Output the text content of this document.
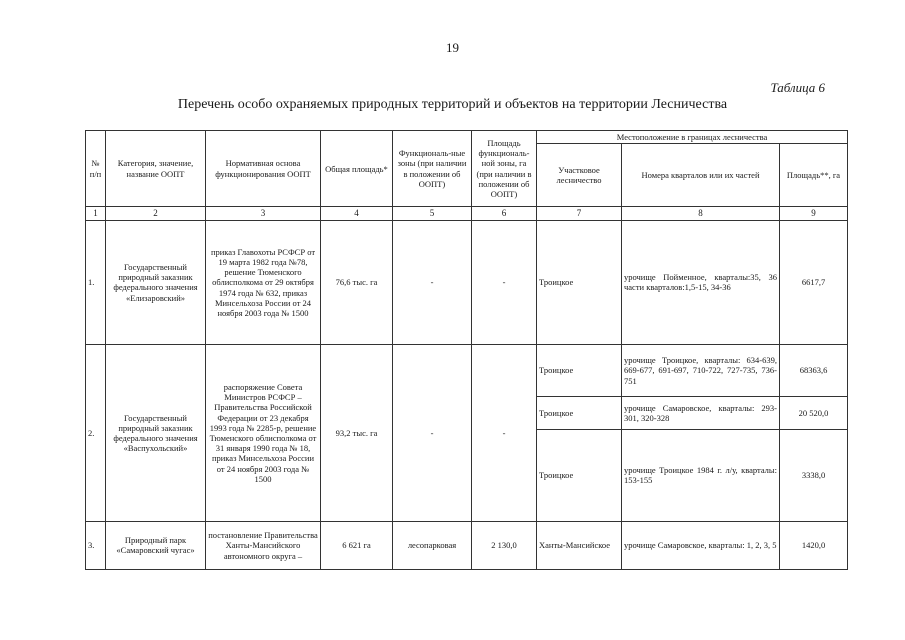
19
Таблица 6
Перечень особо охраняемых природных территорий и объектов на территории Лесничества
№ п/п	Категория, значение, название ООПТ	Нормативная основа функционирования ООПТ	Общая площадь*	Функциональ-ные зоны (при наличии в положении об ООПТ)	Площадь функциональ-ной зоны, га (при наличии в положении об ООПТ)	Местоположение в границах лесничества		
						Участковое лесничество	Номера кварталов или их частей	Площадь**, га
1	2	3	4	5	6	7	8	9
1.	Государственный природный заказник федерального значения «Елизаровский»	приказ Главохоты РСФСР от 19 марта 1982 года №78, решение Тюменского облисполкома от 29 октября 1974 года № 632, приказ Минсельхоза России от 24 ноября 2003 года № 1500	76,6 тыс. га	-	-	Троицкое	урочище Пойменное, кварталы:35, 36 части кварталов:1,5-15, 34-36	6617,7
2.	Государственный природный заказник федерального значения «Васпухольский»	распоряжение Совета Министров РСФСР – Правительства Российской Федерации от 23 декабря 1993 года № 2285-р, решение Тюменского облисполкома от 31 января 1990 года № 18, приказ Минсельхоза России от 24 ноября 2003 года № 1500	93,2 тыс. га	-	-	Троицкое	урочище Троицкое, кварталы: 634-639, 669-677, 691-697, 710-722, 727-735, 736-751	68363,6
						Троицкое	урочище Самаровское, кварталы: 293-301, 320-328	20 520,0
						Троицкое	урочище Троицкое 1984 г. л/у, кварталы: 153-155	3338,0
3.	Природный парк «Самаровский чугас»	постановление Правительства Ханты-Мансийского автономного округа –	6 621 га	лесопарковая	2 130,0	Ханты-Мансийское	урочище Самаровское, кварталы: 1, 2, 3, 5	1420,0
